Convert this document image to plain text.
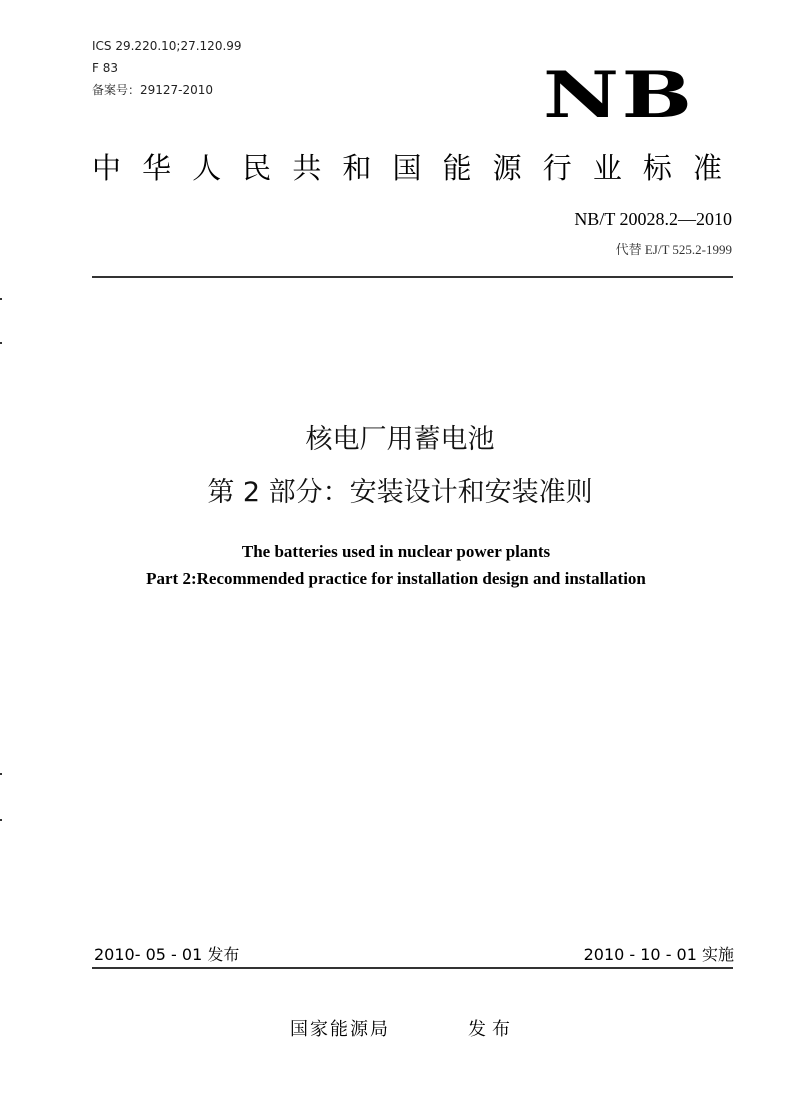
ICS 29.220.10;27.120.99
F 83
备案号：29127-2010	NB
中华人民共和国能源行业标准
NB/T 20028.2—2010
代替 EJ/T 525.2-1999
核电厂用蓄电池
第 2 部分：安装设计和安装准则
The batteries used in nuclear power plants
Part 2:Recommended practice for installation design and installation
2010- 05 - 01 发布	2010 - 10 - 01 实施
国家能源局	发布
